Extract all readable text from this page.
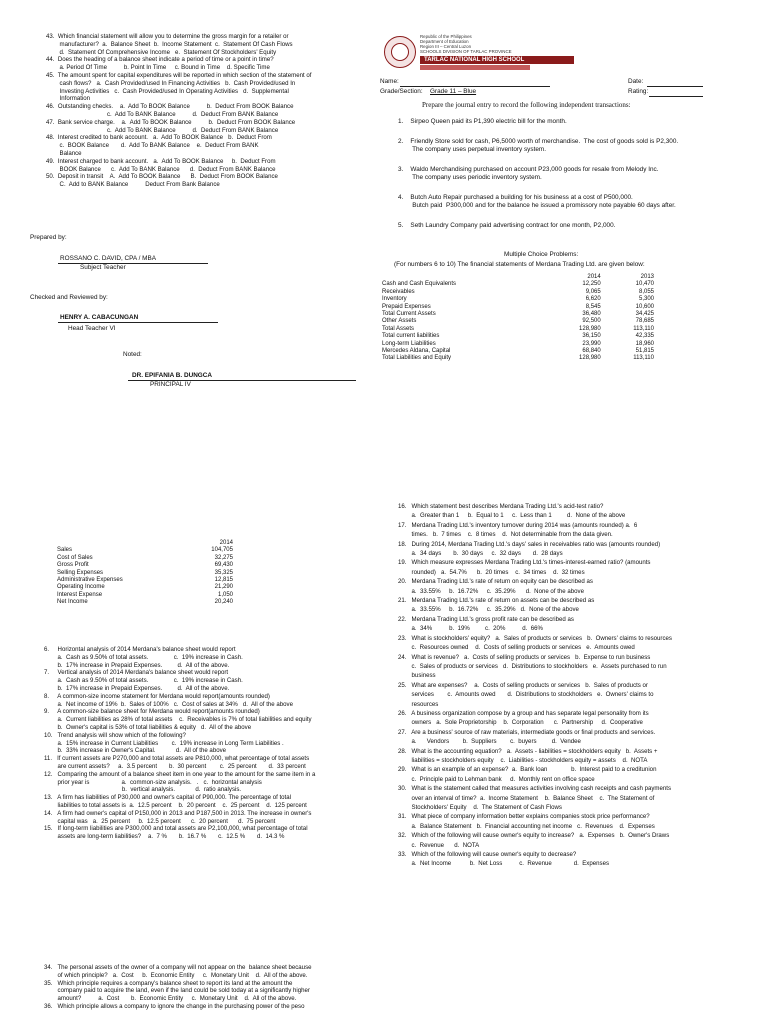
43.  Which financial statement will allow you to determine the gross margin for a retailer or

manufacturer?  a.  Balance Sheet  b.  Income Statement  c.  Statement Of Cash Flows

d.  Statement Of Comprehensive Income   e.  Statement Of Stockholders' Equity

44.  Does the heading of a balance sheet indicate a period of time or a point in time?

a. Period Of Time          b. Point In Time     c. Bound in Time    d. Specific Time

45.  The amount spent for capital expenditures will be reported in which section of the statement of

cash flows?   a.  Cash Provided/used In Financing Activities   b.  Cash Provided/used In

Investing Activities   c.  Cash Provided/used In Operating Activities   d.  Supplemental

Information

46.  Outstanding checks.    a.  Add To BOOK Balance          b.  Deduct From BOOK Balance

c.  Add To BANK Balance          d.  Deduct From BANK Balance

47.  Bank service charge.    a.  Add To BOOK Balance          b.  Deduct From BOOK Balance

c.  Add To BANK Balance          d.  Deduct From BANK Balance

48.  Interest credited to bank account.   a.  Add To BOOK Balance   b.  Deduct From

c.  BOOK Balance       d.  Add To BANK Balance    e.  Deduct From BANK

Balance

49.  Interest charged to bank account.   a.  Add To BOOK Balance     b.  Deduct From

BOOK Balance      c.  Add To BANK Balance      d.  Deduct From BANK Balance

50.  Deposit in transit    A.  Add To BOOK Balance      B.  Deduct From BOOK Balance

C.  Add to BANK Balance          Deduct From Bank Balance

Prepared by:
ROSSANO C. DAVID, CPA / MBA
Subject Teacher
Checked and Reviewed by:
HENRY A. CABACUNGAN
Head Teacher VI
Noted:
DR. EPIFANIA B. DUNGCA
PRINCIPAL IV

Republic of the Philippines

Department of Education

Region III – Central Luzon

SCHOOLS DIVISION OF TARLAC PROVINCE

TARLAC NATIONAL HIGH SCHOOL
Name:	Date:
Grade/Section: Grade 11 – Blue	Rating:
Prepare the journal entry to record the following independent transactions:

1.    Sirpeo Queen paid its P1,390 electric bill for the month.

2.    Friendly Store sold for cash, P6,5000 worth of merchandise.  The cost of goods sold is P2,300.

The company uses perpetual inventory system.

3.    Waldo Merchandising purchased on account P23,000 goods for resale from Melody Inc.

The company uses periodic inventory system.

4.    Butch Auto Repair purchased a building for his business at a cost of P500,000.

Butch paid  P300,000 and for the balance he issued a promissory note payable 60 days after.

5.    Seth Laundry Company paid advertising contract for one month, P2,000.

Multiple Choice Problems:
(For numbers 6 to 10) The financial statements of Merdana Trading Ltd. are given below:
	2014	2013
Cash and Cash Equivalents	12,250	10,470
Receivables	9,065	8,055
Inventory	6,620	5,300
Prepaid Expenses	8,545	10,600
Total Current Assets	36,480	34,425
Other Assets	92,500	78,685
Total Assets	128,980	113,110
Total current liabilities	36,150	42,335
Long-term Liabilities	23,990	18,960
Mercedes Aldana, Capital	68,840	51,815
Total Liabilities and Equity	128,980	113,110
	2014
Sales	104,705
Cost of Sales	32,275
Gross Profit	69,430
Selling Expenses	35,325
Administrative Expenses	12,815
Operating Income	21,290
Interest Expense	1,050
Net Income	20,240

6.     Horizontal analysis of 2014 Merdana's balance sheet would report

a.  Cash as 9.50% of total assets.               c.  19% increase in Cash.

b.  17% increase in Prepaid Expenses.         d.  All of the above.

7.     Vertical analysis of 2014 Merdana's balance sheet would report

a.  Cash as 9.50% of total assets.               c.  19% increase in Cash.

b.  17% increase in Prepaid Expenses.         d.  All of the above.

8.     A common-size income statement for Merdana would report(amounts rounded)

a.  Net income of 19%  b.  Sales of 100%   c.  Cost of sales at 34%   d.  All of the above

9.     A common-size balance sheet for Merdana would report(amounts rounded)

a.  Current liabilities as 28% of total assets    c.  Receivables is 7% of total liabilities and equity

b.  Owner's capital is 53% of total liabilities & equity   d.  All of the above

10.   Trend analysis will show which of the following?

a.  15% increase in Current Liabilities        c.  19% increase in Long Term Liabilities .

b.  33% increase in Owner's Capital.            d.  All of the above

11.   If current assets are P270,000 and total assets are P810,000, what percentage of total assets

are current assets?     a.  3.5 percent       b.  30 percent        c.  25 percent       d.  33 percent

12.   Comparing the amount of a balance sheet item in one year to the amount for the same item in a

prior year is                   a.  common-size analysis.   .   c.  horizontal analysis

b.  vertical analysis.            d.  ratio analysis.

13.   A firm has liabilities of P30,000 and owner's capital of P90,000. The percentage of total

liabilities to total assets is  a.  12.5 percent    b.  20 percent    c.  25 percent    d.  125 percent

14.   A firm had owner's capital of P150,000 in 2013 and P187,500 in 2013. The increase in owner's

capital was   a.  25 percent     b.  12.5 percent      c.  20 percent      d.  75 percent

15.   If long-term liabilities are P300,000 and total assets are P2,100,000, what percentage of total

assets are long-term liabilities?    a.  7 %       b.  16.7 %       c.  12.5 %       d.  14.3 %

34.   The personal assets of the owner of a company will not appear on the  balance sheet because

of which principle?   a.  Cost     b.  Economic Entity     c.  Monetary Unit    d.  All of the above.

35.   Which principle requires a company's balance sheet to report its land at the amount the

company paid to acquire the land, even if the land could be sold today at a significantly higher

amount?          a.  Cost       b.  Economic Entity     c.  Monetary Unit    d.  All of the above.

36.   Which principle allows a company to ignore the change in the purchasing power of the peso

16.   Which statement best describes Merdana Trading Ltd.'s acid-test ratio?

a.  Greater than 1     b.  Equal to 1     c.  Less than 1         d.  None of the above

17.   Merdana Trading Ltd.'s inventory turnover during 2014 was (amounts rounded) a.  6

times.   b.  7 times    c.  8 times    d.  Not determinable from the data given.

18.   During 2014, Merdana Trading Ltd.'s days' sales in receivables ratio was (amounts rounded)

a.  34 days       b.  30 days     c.  32 days       d.  28 days

19.   Which measure expresses Merdana Trading Ltd.'s times-interest-earned ratio? (amounts

rounded)   a.  54.7%      b.  20 times    c.  34 times    d.  32 times

20.   Merdana Trading Ltd.'s rate of return on equity can be described as

a.  33.55%     b.  16.72%     c.  35.29%      d.  None of the above

21.   Merdana Trading Ltd.'s rate of return on assets can be described as

a.  33.55%     b.  16.72%     c.  35.29%   d.  None of the above

22.   Merdana Trading Ltd.'s gross profit rate can be described as

a.  34%          b.  19%         c.  20%          d.  66%

23.   What is stockholders' equity?   a.  Sales of products or services   b.  Owners' claims to resources

c.  Resources owned    d.  Costs of selling products or services   e.  Amounts owed

24.   What is revenue?   a.  Costs of selling products or services   b.  Expense to run business

c.  Sales of products or services   d.  Distributions to stockholders   e.  Assets purchased to run

business

25.   What are expenses?    a.  Costs of selling products or services   b.  Sales of products or

services        c.  Amounts owed       d.  Distributions to stockholders   e.  Owners' claims to

resources

26.   A business organization compose by a group and has separate legal personality from its

owners   a.  Sole Proprietorship    b.  Corporation      c.  Partnership     d.  Cooperative

27.   Are a business' source of raw materials, intermediate goods or final products and services.

a.      Vendors        b.  Suppliers        c.  buyers         d.  Vendee

28.   What is the accounting equation?   a.  Assets - liabilities = stockholders equity   b.  Assets +

liabilities = stockholders equity    c.  Liabilities - stockholders equity = assets    d.  NOTA

29.   What is an example of an expense?  a.  Bank loan              b.  Interest paid to a creditunion

c.  Principle paid to Lehman bank     d.  Monthly rent on office space

30.   What is the statement called that measures activities involving cash receipts and cash payments

over an interval of time?  a.  Income Statement    b.  Balance Sheet    c.  The Statement of

Stockholders' Equity    d.  The Statement of Cash Flows

31.   What piece of company information better explains companies stock price performance?

a.  Balance Statement   b.  Financial accounting net income   c.  Revenues    d.  Expenses

32.   Which of the following will cause owner's equity to increase?   a.  Expenses   b.  Owner's Draws

c.  Revenue      d.  NOTA

33.   Which of the following will cause owner's equity to decrease?

a.  Net Income           b.  Net Loss          c.  Revenue             d.  Expenses
